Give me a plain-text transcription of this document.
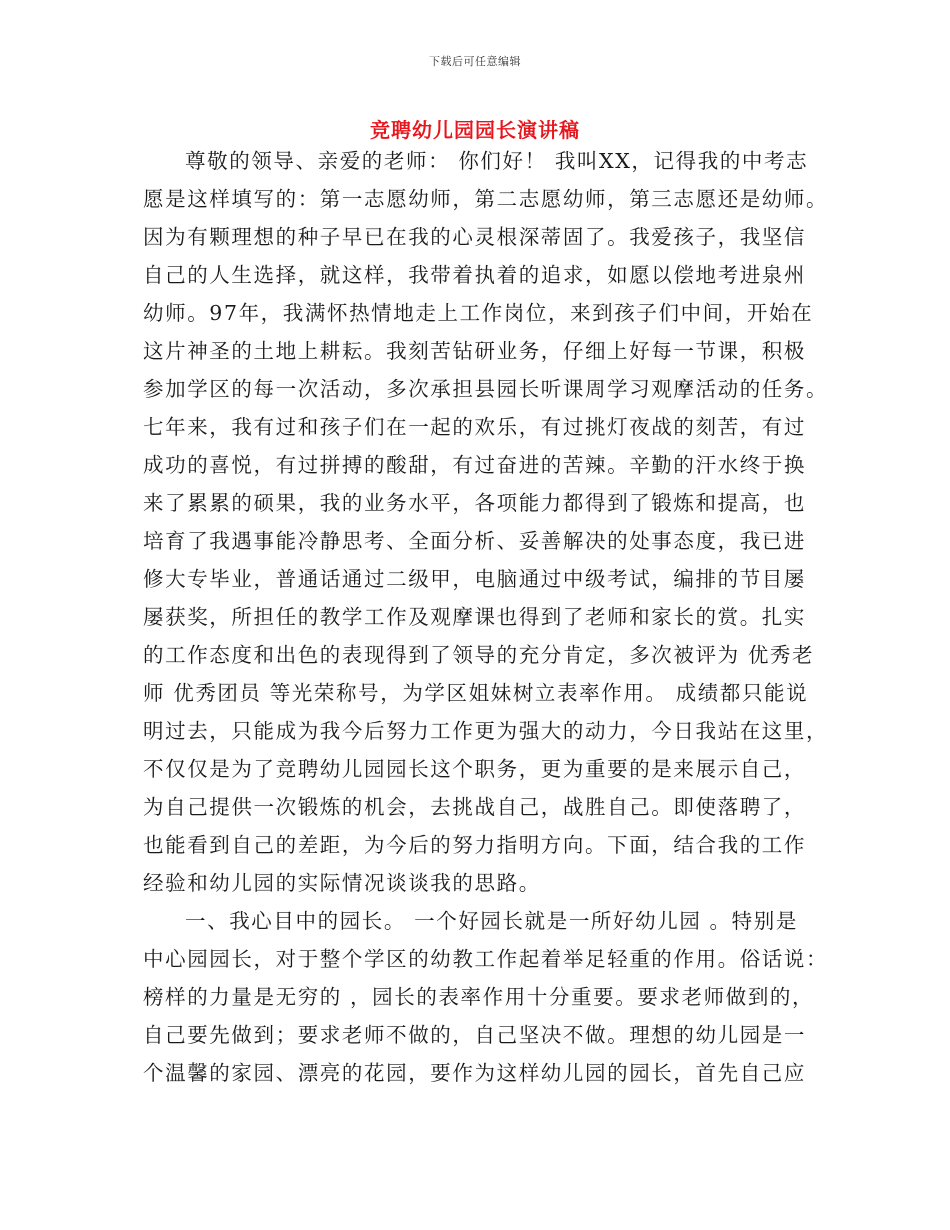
下载后可任意编辑
竞聘幼儿园园长演讲稿
尊敬的领导、亲爱的老师： 你们好！ 我叫XX，记得我的中考志
愿是这样填写的：第一志愿幼师，第二志愿幼师，第三志愿还是幼师。
因为有颗理想的种子早已在我的心灵根深蒂固了。我爱孩子，我坚信
自己的人生选择，就这样，我带着执着的追求，如愿以偿地考进泉州
幼师。97年，我满怀热情地走上工作岗位，来到孩子们中间，开始在
这片神圣的土地上耕耘。我刻苦钻研业务，仔细上好每一节课，积极
参加学区的每一次活动，多次承担县园长听课周学习观摩活动的任务。
七年来，我有过和孩子们在一起的欢乐，有过挑灯夜战的刻苦，有过
成功的喜悦，有过拼搏的酸甜，有过奋进的苦辣。辛勤的汗水终于换
来了累累的硕果，我的业务水平，各项能力都得到了锻炼和提高，也
培育了我遇事能冷静思考、全面分析、妥善解决的处事态度，我已进
修大专毕业，普通话通过二级甲，电脑通过中级考试，编排的节目屡
屡获奖，所担任的教学工作及观摩课也得到了老师和家长的赏。扎实
的工作态度和出色的表现得到了领导的充分肯定，多次被评为 优秀老
师 优秀团员 等光荣称号，为学区姐妹树立表率作用。 成绩都只能说
明过去，只能成为我今后努力工作更为强大的动力，今日我站在这里，
不仅仅是为了竞聘幼儿园园长这个职务，更为重要的是来展示自己，
为自己提供一次锻炼的机会，去挑战自己，战胜自己。即使落聘了，
也能看到自己的差距，为今后的努力指明方向。下面，结合我的工作
经验和幼儿园的实际情况谈谈我的思路。
一、我心目中的园长。 一个好园长就是一所好幼儿园 。特别是
中心园园长，对于整个学区的幼教工作起着举足轻重的作用。俗话说：
榜样的力量是无穷的 ，园长的表率作用十分重要。要求老师做到的，
自己要先做到；要求老师不做的，自己坚决不做。理想的幼儿园是一
个温馨的家园、漂亮的花园，要作为这样幼儿园的园长，首先自己应
